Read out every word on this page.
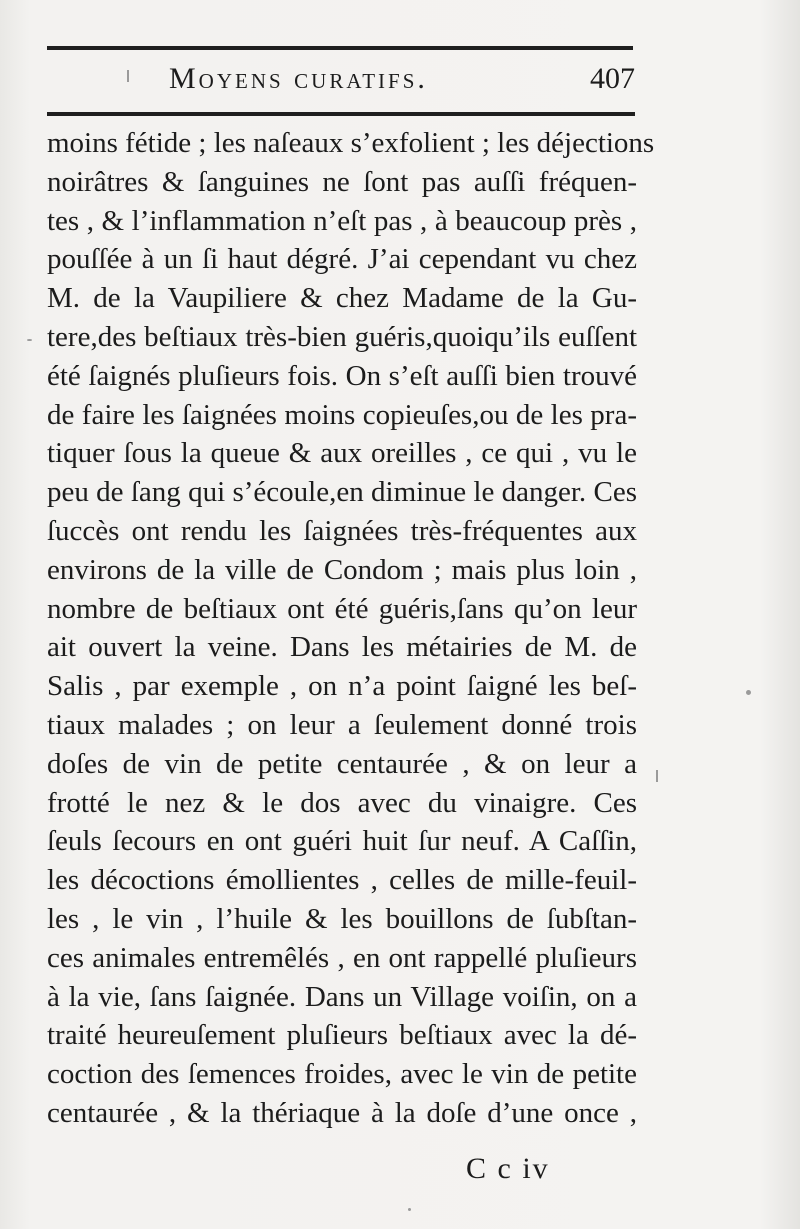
Moyens curatifs.	407
moins fétide ; les naſeaux s’exfolient ; les déjections
noirâtres & ſanguines ne ſont pas auſſi fréquen-
tes , & l’inflammation n’eſt pas , à beaucoup près ,
pouſſée à un ſi haut dégré. J’ai cependant vu chez
M. de la Vaupiliere & chez Madame de la Gu-
tere,des beſtiaux très-bien guéris,quoiqu’ils euſſent
été ſaignés pluſieurs fois. On s’eſt auſſi bien trouvé
de faire les ſaignées moins copieuſes,ou de les pra-
tiquer ſous la queue & aux oreilles , ce qui , vu le
peu de ſang qui s’écoule,en diminue le danger. Ces
ſuccès ont rendu les ſaignées très-fréquentes aux
environs de la ville de Condom ; mais plus loin ,
nombre de beſtiaux ont été guéris,ſans qu’on leur
ait ouvert la veine. Dans les métairies de M. de
Salis , par exemple , on n’a point ſaigné les beſ-
tiaux malades ; on leur a ſeulement donné trois
doſes de vin de petite centaurée , & on leur a
frotté le nez & le dos avec du vinaigre. Ces
ſeuls ſecours en ont guéri huit ſur neuf. A Caſſin,
les décoctions émollientes , celles de mille-feuil-
les , le vin , l’huile & les bouillons de ſubſtan-
ces animales entremêlés , en ont rappellé pluſieurs
à la vie, ſans ſaignée. Dans un Village voiſin, on a
traité heureuſement pluſieurs beſtiaux avec la dé-
coction des ſemences froides, avec le vin de petite
centaurée , & la thériaque à la doſe d’une once ,
C c iv
